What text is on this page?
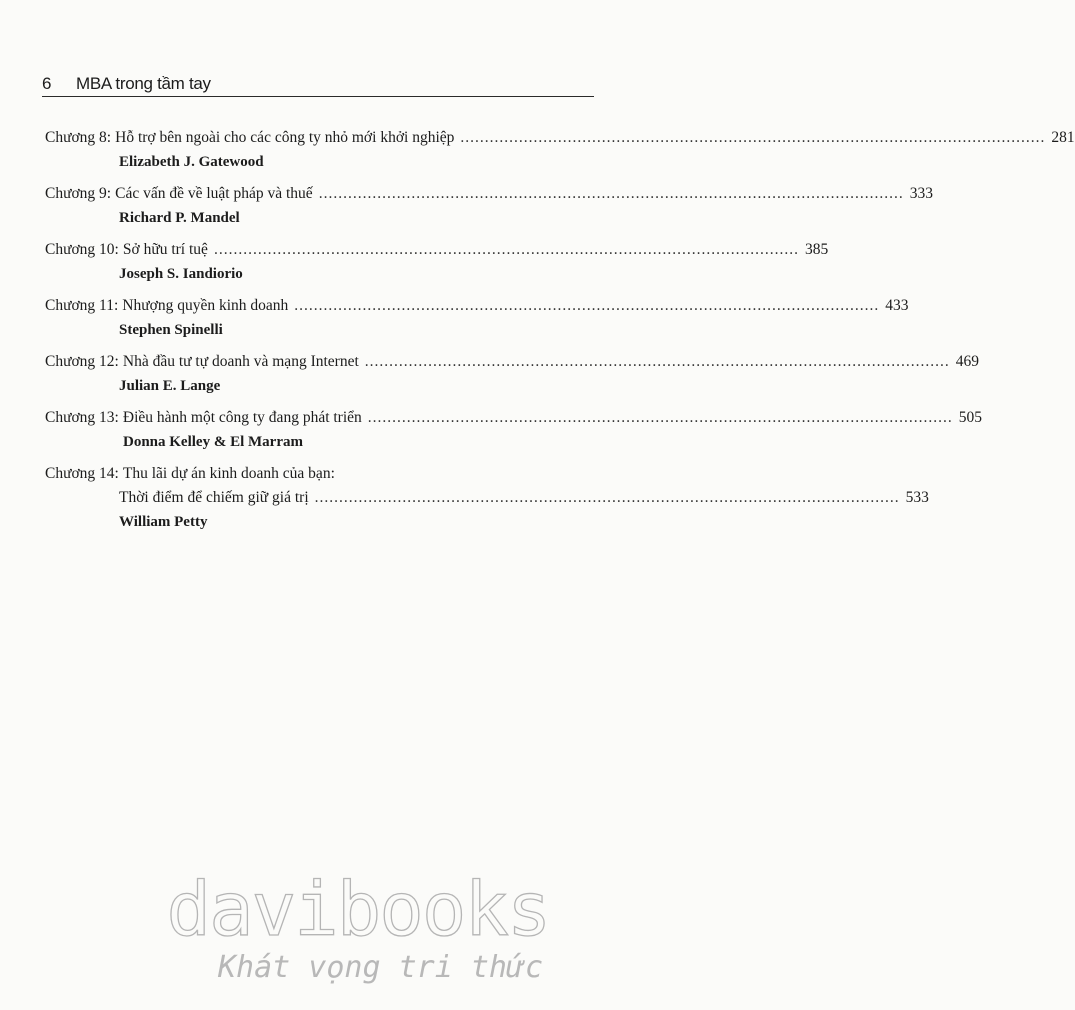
6 MBA trong tầm tay
Chương 8: Hỗ trợ bên ngoài cho các công ty nhỏ mới khởi nghiệp ........................................................................................................................ 281
Elizabeth J. Gatewood
Chương 9: Các vấn đề về luật pháp và thuế ........................................................................................................................ 333
Richard P. Mandel
Chương 10: Sở hữu trí tuệ ........................................................................................................................ 385
Joseph S. Iandiorio
Chương 11: Nhượng quyền kinh doanh ........................................................................................................................ 433
Stephen Spinelli
Chương 12: Nhà đầu tư tự doanh và mạng Internet ........................................................................................................................ 469
Julian E. Lange
Chương 13: Điều hành một công ty đang phát triển ........................................................................................................................ 505
Donna Kelley & El Marram
Chương 14: Thu lãi dự án kinh doanh của bạn:
Thời điểm để chiếm giữ giá trị ........................................................................................................................ 533
William Petty
davibooks
Khát vọng tri thức
